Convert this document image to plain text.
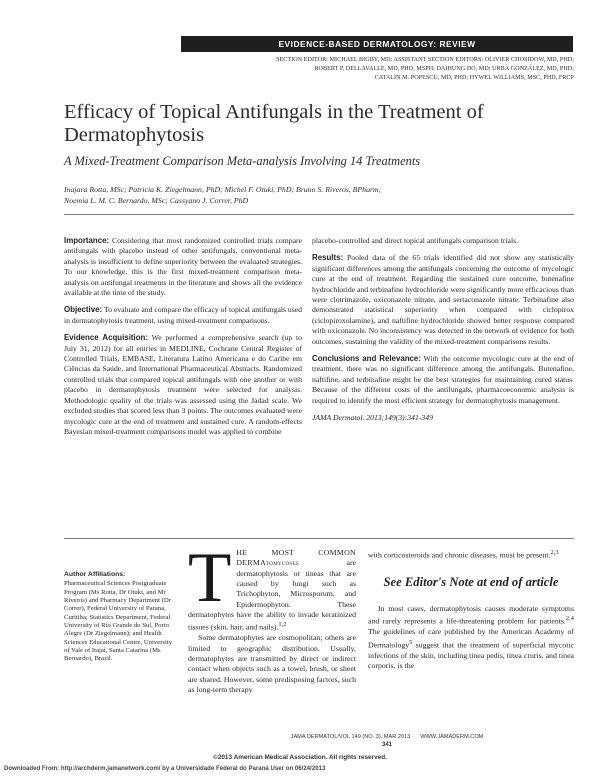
EVIDENCE-BASED DERMATOLOGY: REVIEW
SECTION EDITOR: MICHAEL BIGBY, MD; ASSISTANT SECTION EDITORS: OLIVIER CHOSIDOW, MD, PHD;
ROBERT P. DELLAVALLE, MD, PHD, MSPH; DAIHUNG DO, MD; URBÀ GONZÁLEZ, MD, PHD;
CATALIN M. POPESCU, MD, PHD; HYWEL WILLIAMS, MSC, PHD, FRCP
Efficacy of Topical Antifungals in the Treatment of Dermatophytosis
A Mixed-Treatment Comparison Meta-analysis Involving 14 Treatments
Inajara Rotta, MSc; Patricia K. Ziegelmann, PhD; Michel F. Otuki, PhD; Bruno S. Riveros, BPharm;
Noemia L. M. C. Bernardo, MSc; Cassyano J. Correr, PhD

Importance: Considering that most randomized controlled trials compare antifungals with placebo instead of other antifungals, conventional meta-analysis is insufficient to define superiority between the evaluated strategies. To our knowledge, this is the first mixed-treatment comparison meta-analysis on antifungal treatments in the literature and shows all the evidence available at the time of the study.

Objective: To evaluate and compare the efficacy of topical antifungals used in dermatophytosis treatment, using mixed-treatment comparisons.

Evidence Acquisition: We performed a comprehensive search (up to July 31, 2012) for all entries in MEDLINE, Cochrane Central Register of Controlled Trials, EMBASE, Literatura Latino Americana e do Caribe em Ciências da Saúde, and International Pharmaceutical Abstracts. Randomized controlled trials that compared topical antifungals with one another or with placebo in dermatophytosis treatment were selected for analysis. Methodologic quality of the trials was assessed using the Jadad scale. We excluded studies that scored less than 3 points. The outcomes evaluated were mycologic cure at the end of treatment and sustained cure. A random-effects Bayesian mixed-treatment comparisons model was applied to combine

placebo-controlled and direct topical antifungals comparison trials.

Results: Pooled data of the 65 trials identified did not show any statistically significant differences among the antifungals concerning the outcome of mycologic cure at the end of treatment. Regarding the sustained cure outcome, butenafine hydrochloride and terbinafine hydrochloride were significantly more efficacious than were clotrimazole, oxiconazole nitrate, and sertaconazole nitrate. Terbinafine also demonstrated statistical superiority when compared with ciclopirox (ciclopiroxolamine), and naftifine hydrochloride showed better response compared with oxiconazole. No inconsistency was detected in the network of evidence for both outcomes, sustaining the validity of the mixed-treatment comparisons results.

Conclusions and Relevance: With the outcome mycologic cure at the end of treatment, there was no significant difference among the antifungals. Butenafine, naftifine, and terbinafine might be the best strategies for maintaining cured status. Because of the different costs of the antifungals, pharmacoeconomic analysis is required to identify the most efficient strategy for dermatophytosis management.

JAMA Dermatol. 2013;149(3):341-349

Author Affiliations:
Pharmaceutical Sciences Postgraduate Program (Ms Rotta, Dr Otuki, and Mr Riveros) and Pharmacy Department (Dr Correr), Federal University of Parana, Curitiba; Statistics Department, Federal University of Rio Grande do Sul, Porto Alegre (Dr Ziegelmann); and Health Sciences Educational Centre, University of Vale of Itajaí, Santa Catarina (Ms Bernardo), Brazil.

THE MOST COMMON DERMAtomycoses are dermatophytosis or tineas that are caused by fungi such as Trichophyton, Microsporum, and Epidermophyton. These dermatophytes have the ability to invade keratinized tissues (skin, hair, and nails).$^{1,2}$

Some dermatophytes are cosmopolitan; others are limited to geographic distribution. Usually, dermatophytes are transmitted by direct or indirect contact when objects such as a towel, brush, or sheet are shared. However, some predisposing factors, such as long-term therapy

with corticosteroids and chronic diseases, must be present.$^{2,3}$

See Editor's Note at end of article

In most cases, dermatophytosis causes moderate symptoms and rarely represents a life-threatening problem for patients.$^{2,4}$ The guidelines of care published by the American Academy of Dermatology$^5$ suggest that the treatment of superficial mycotic infections of the skin, including tinea pedis, tinea cruris, and tinea corporis, is the

JAMA DERMATOL/VOL 149 (NO. 3), MAR 2013 WWW.JAMADERM.COM
341
©2013 American Medical Association. All rights reserved.
Downloaded From: http://archderm.jamanetwork.com/ by a Universidade Federal do Paraná User on 06/24/2013
